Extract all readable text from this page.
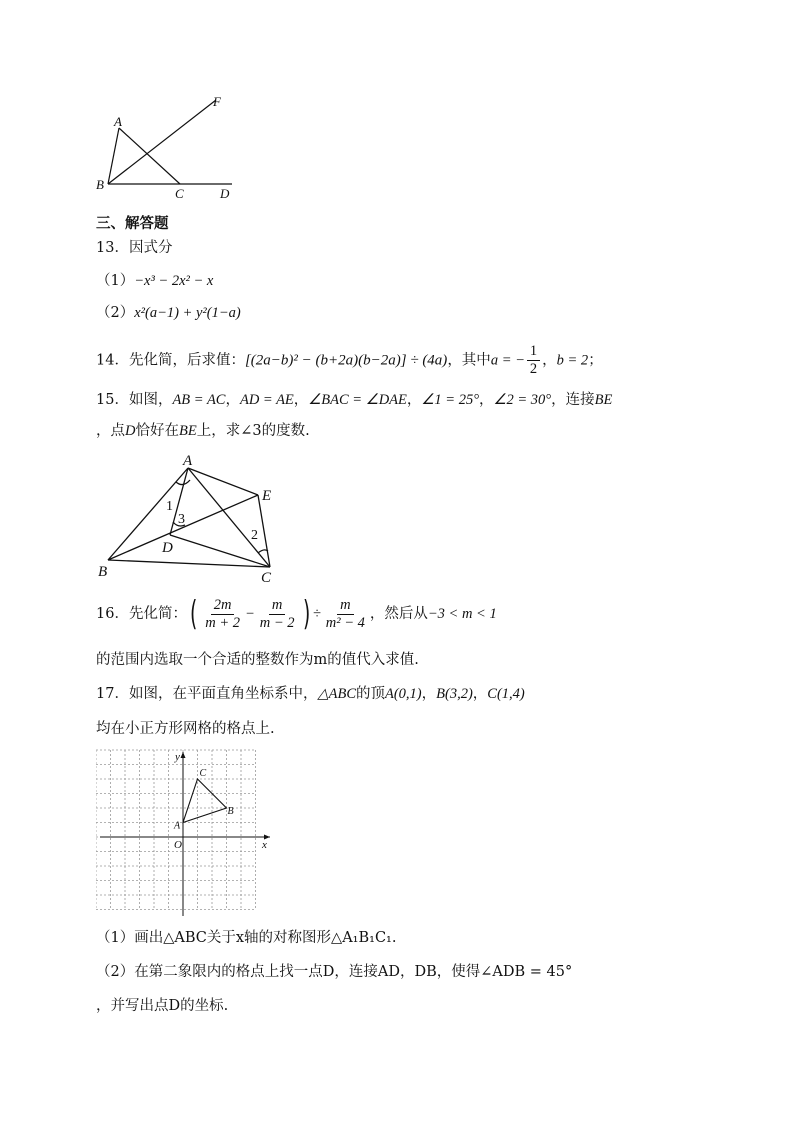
A
B
C	D
F
三、解答题
13．因式分
（1）−x³ − 2x² − x
（2）x²(a−1) + y²(1−a)
14．先化简，后求值：[(2a−b)² − (b+2a)(b−2a)] ÷ (4a)，其中a = − $\frac{1}{2}$ ，b = 2；
15．如图，AB = AC，AD = AE，∠BAC = ∠DAE，∠1 = 25°，∠2 = 30°，连接BE
，点D恰好在BE上，求∠3的度数.
A
B	C
D
E
1
3
2
16．先化简：( $\frac{2m}{m + 2} - \frac{m}{m - 2}$ ) ÷ $\frac{m}{\text{m² − 4}}$ ，然后从−3 < m < 1
的范围内选取一个合适的整数作为m的值代入求值.
17．如图，在平面直角坐标系中，△ABC的顶A(0,1)，B(3,2)，C(1,4)
均在小正方形网格的格点上.
x
y
O
A
B
C
（1）画出△ABC关于x轴的对称图形△A₁B₁C₁.
（2）在第二象限内的格点上找一点D，连接AD，DB，使得∠ADB = 45°
，并写出点D的坐标.
